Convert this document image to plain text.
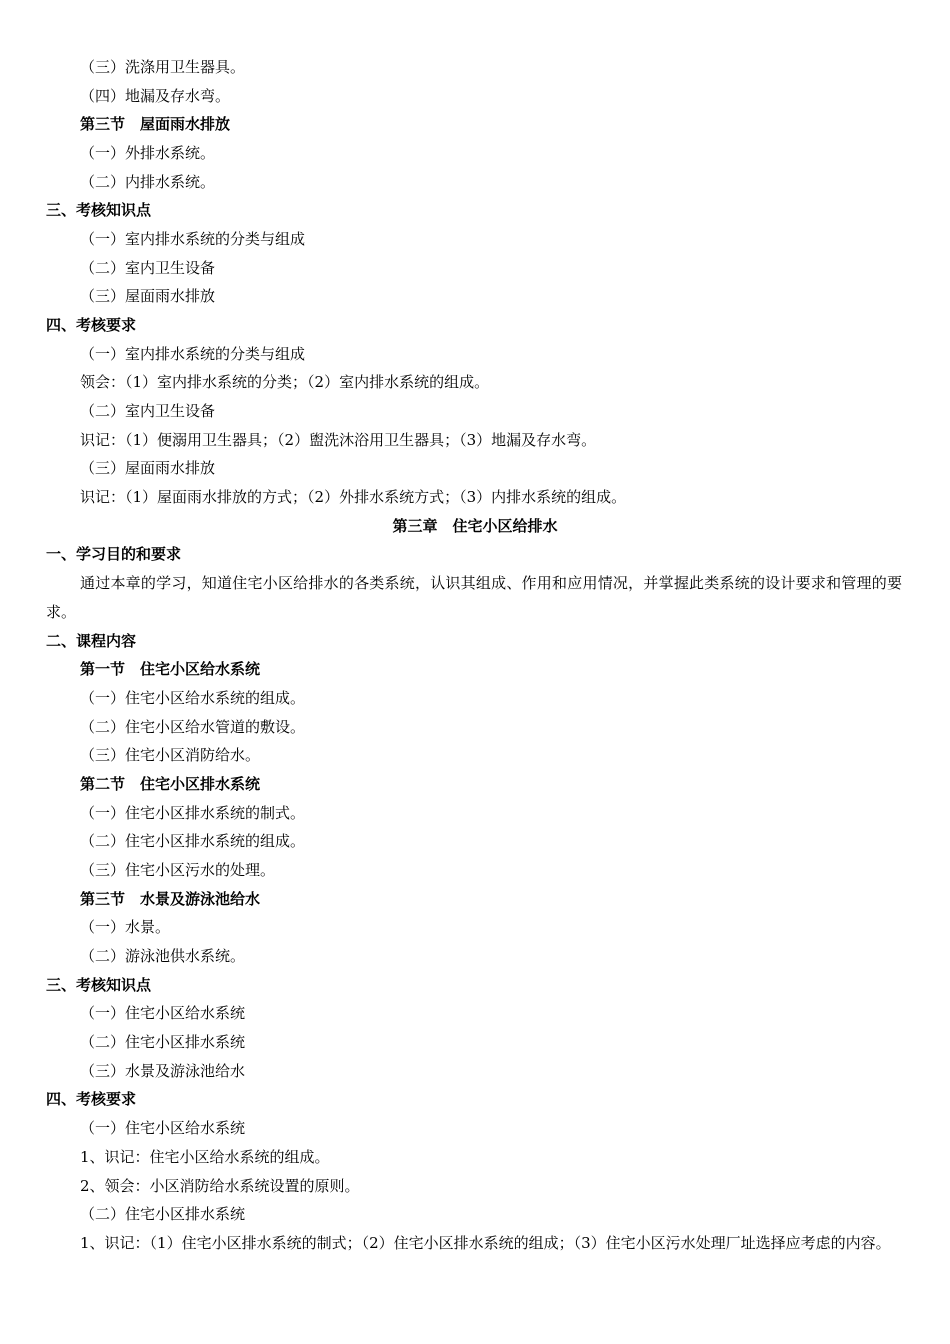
（三）洗涤用卫生器具。
（四）地漏及存水弯。
第三节　屋面雨水排放
（一）外排水系统。
（二）内排水系统。
三、考核知识点
（一）室内排水系统的分类与组成
（二）室内卫生设备
（三）屋面雨水排放
四、考核要求
（一）室内排水系统的分类与组成
领会：（1）室内排水系统的分类；（2）室内排水系统的组成。
（二）室内卫生设备
识记：（1）便溺用卫生器具；（2）盥洗沐浴用卫生器具；（3）地漏及存水弯。
（三）屋面雨水排放
识记：（1）屋面雨水排放的方式；（2）外排水系统方式；（3）内排水系统的组成。
第三章　住宅小区给排水
一、学习目的和要求
通过本章的学习，知道住宅小区给排水的各类系统，认识其组成、作用和应用情况，并掌握此类系统的设计要求和管理的要求。
二、课程内容
第一节　住宅小区给水系统
（一）住宅小区给水系统的组成。
（二）住宅小区给水管道的敷设。
（三）住宅小区消防给水。
第二节　住宅小区排水系统
（一）住宅小区排水系统的制式。
（二）住宅小区排水系统的组成。
（三）住宅小区污水的处理。
第三节　水景及游泳池给水
（一）水景。
（二）游泳池供水系统。
三、考核知识点
（一）住宅小区给水系统
（二）住宅小区排水系统
（三）水景及游泳池给水
四、考核要求
（一）住宅小区给水系统
1、识记：住宅小区给水系统的组成。
2、领会：小区消防给水系统设置的原则。
（二）住宅小区排水系统
1、识记：（1）住宅小区排水系统的制式；（2）住宅小区排水系统的组成；（3）住宅小区污水处理厂址选择应考虑的内容。
